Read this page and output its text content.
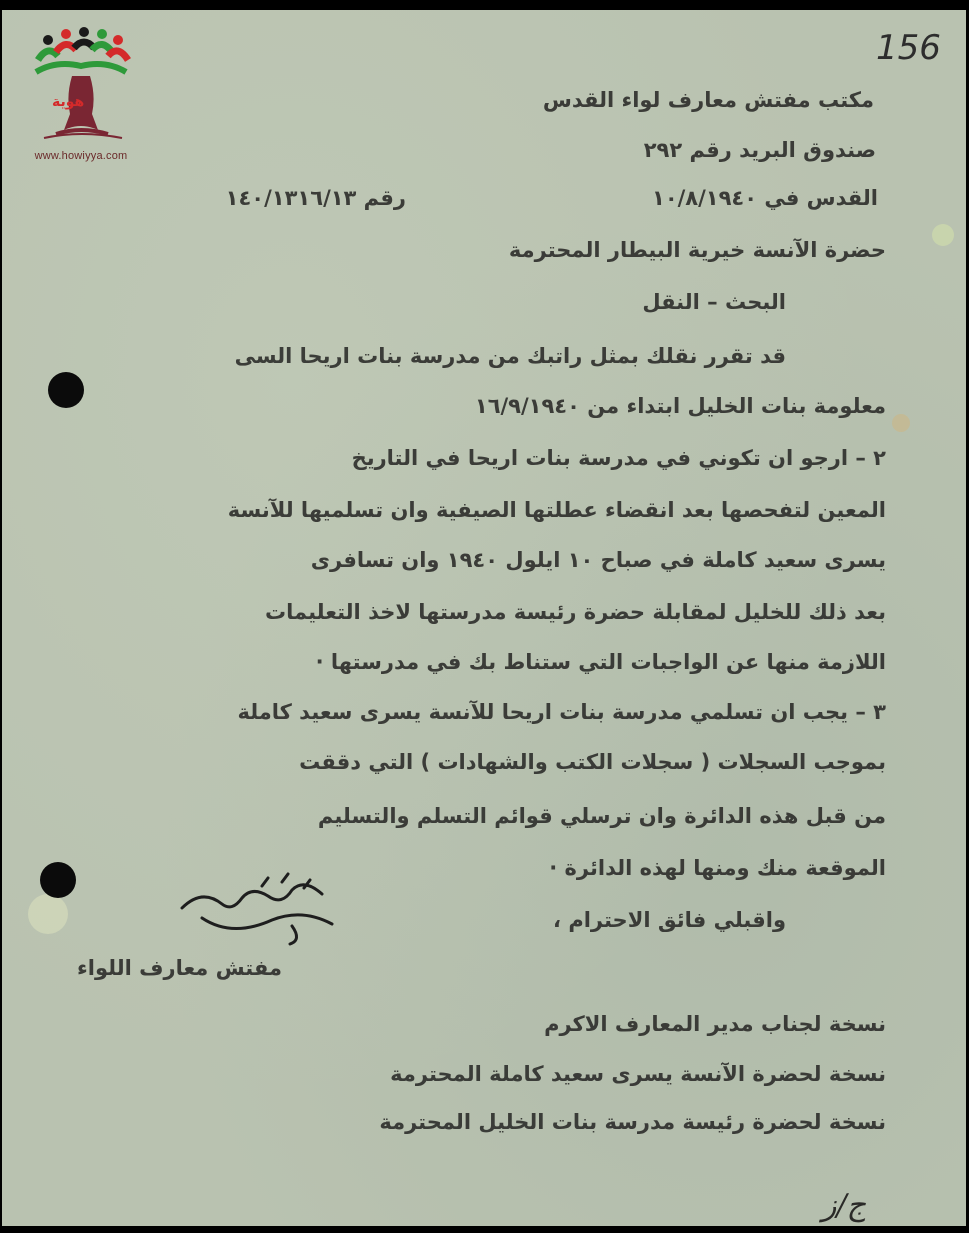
هوية
www.howiyya.com
156
مكتب مفتش معارف لواء القدس
صندوق البريد رقم ٢٩٢
القدس في ١٠/٨/١٩٤٠
رقم ١٤٠/١٣١٦/١٣
حضرة الآنسة خيرية البيطار المحترمة
البحث – النقل
قد تقرر نقلك بمثل راتبك من مدرسة بنات اريحا السى
معلومة بنات الخليل ابتداء من ١٦/٩/١٩٤٠
٢ – ارجو ان تكوني في مدرسة بنات اريحا في التاريخ
المعين لتفحصها بعد انقضاء عطلتها الصيفية وان تسلميها للآنسة
يسرى سعيد كاملة في صباح ١٠ ايلول ١٩٤٠ وان تسافرى
بعد ذلك للخليل لمقابلة حضرة رئيسة مدرستها لاخذ التعليمات
اللازمة منها عن الواجبات التي ستناط بك في مدرستها ·
٣ – يجب ان تسلمي مدرسة بنات اريحا للآنسة يسرى سعيد كاملة
بموجب السجلات ( سجلات الكتب والشهادات ) التي دققت
من قبل هذه الدائرة وان ترسلي قوائم التسلم والتسليم
الموقعة منك ومنها لهذه الدائرة ·
واقبلي فائق الاحترام ،
مفتش معارف اللواء
نسخة لجناب مدير المعارف الاكرم
نسخة لحضرة الآنسة يسرى سعيد كاملة المحترمة
نسخة لحضرة رئيسة مدرسة بنات الخليل المحترمة
ج/ز
